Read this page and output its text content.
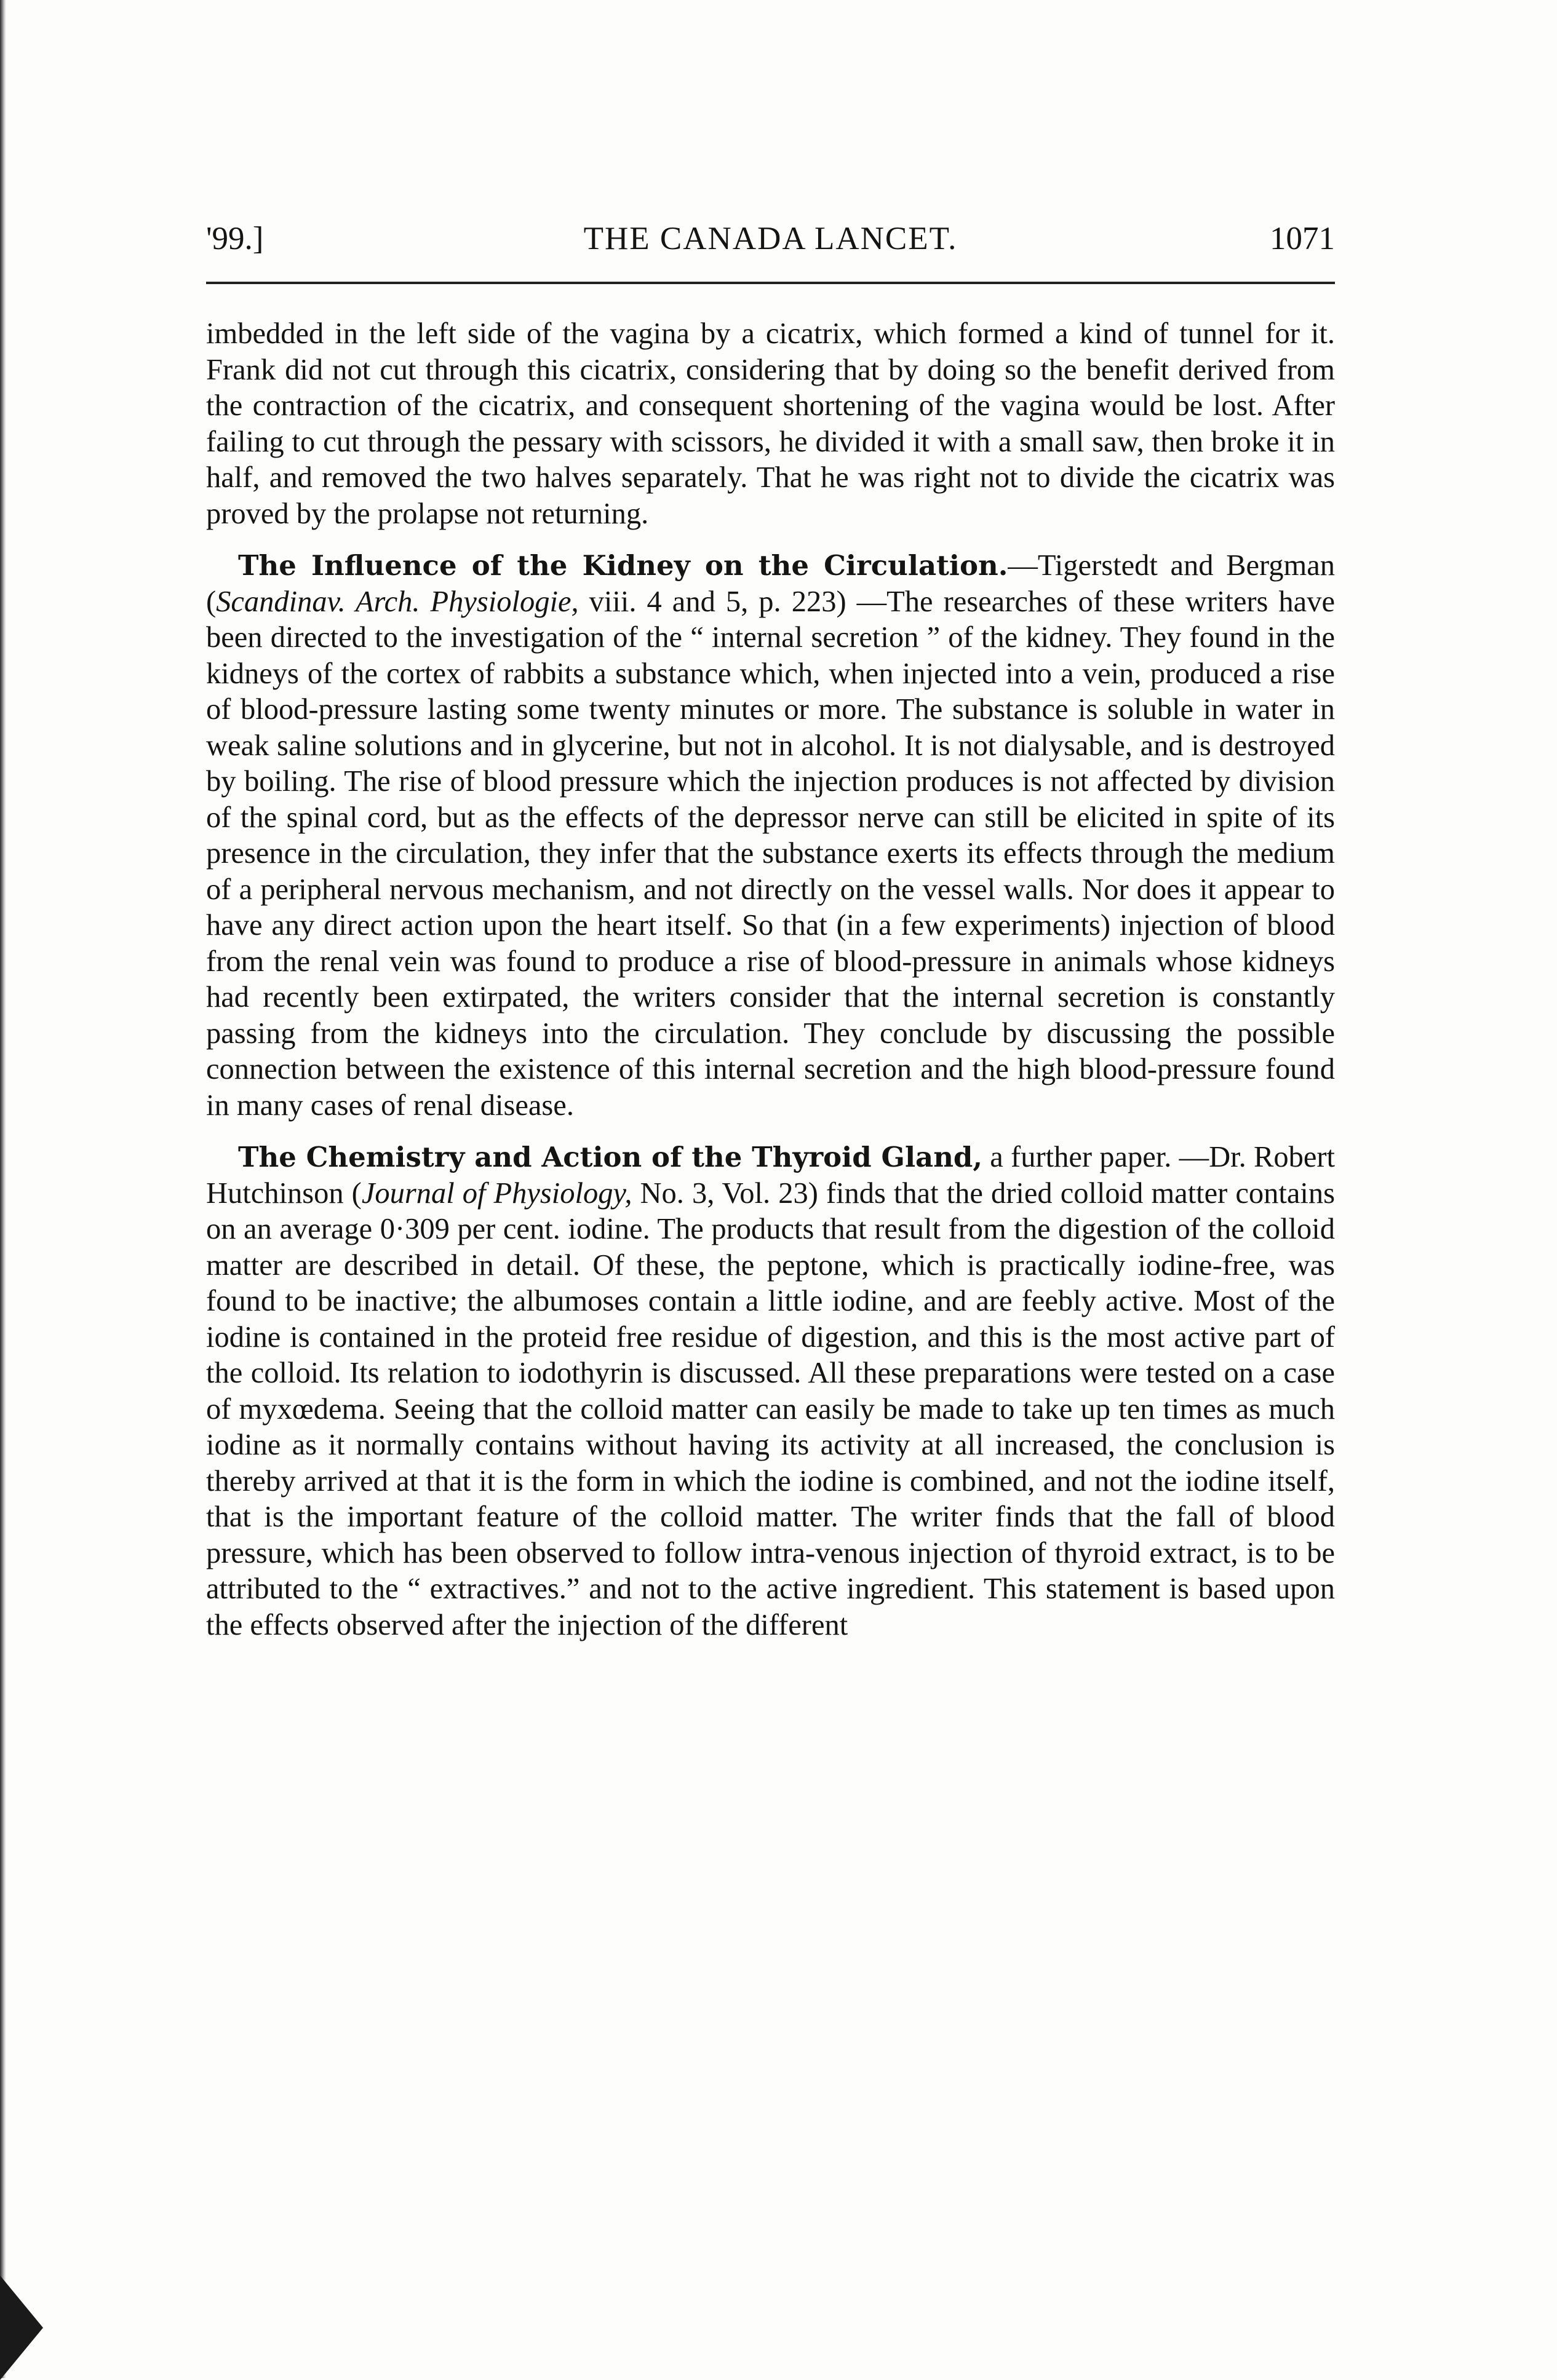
'99.]	THE CANADA LANCET.	1071

imbedded in the left side of the vagina by a cicatrix, which formed a kind of tunnel for it. Frank did not cut through this cicatrix, considering that by doing so the benefit derived from the contraction of the cicatrix, and consequent shortening of the vagina would be lost. After failing to cut through the pessary with scissors, he divided it with a small saw, then broke it in half, and removed the two halves separately. That he was right not to divide the cicatrix was proved by the prolapse not returning.

The Influence of the Kidney on the Circulation.—Tigerstedt and Bergman (Scandinav. Arch. Physiologie, viii. 4 and 5, p. 223) —The researches of these writers have been directed to the investigation of the “ internal secretion ” of the kidney. They found in the kidneys of the cortex of rabbits a substance which, when injected into a vein, produced a rise of blood-pressure lasting some twenty minutes or more. The substance is soluble in water in weak saline solutions and in glycerine, but not in alcohol. It is not dialysable, and is destroyed by boiling. The rise of blood pressure which the injection produces is not affected by division of the spinal cord, but as the effects of the depressor nerve can still be elicited in spite of its presence in the circulation, they infer that the substance exerts its effects through the medium of a peripheral nervous mechanism, and not directly on the vessel walls. Nor does it appear to have any direct action upon the heart itself. So that (in a few experiments) injection of blood from the renal vein was found to produce a rise of blood-pressure in animals whose kidneys had recently been extirpated, the writers consider that the internal secretion is constantly passing from the kidneys into the circulation. They conclude by discussing the possible connection between the existence of this internal secretion and the high blood-pressure found in many cases of renal disease.

The Chemistry and Action of the Thyroid Gland, a further paper. —Dr. Robert Hutchinson (Journal of Physiology, No. 3, Vol. 23) finds that the dried colloid matter contains on an average 0·309 per cent. iodine. The products that result from the digestion of the colloid matter are described in detail. Of these, the peptone, which is practically iodine-free, was found to be inactive; the albumoses contain a little iodine, and are feebly active. Most of the iodine is contained in the proteid free residue of digestion, and this is the most active part of the colloid. Its relation to iodothyrin is discussed. All these preparations were tested on a case of myxœdema. Seeing that the colloid matter can easily be made to take up ten times as much iodine as it normally contains without having its activity at all increased, the conclusion is thereby arrived at that it is the form in which the iodine is combined, and not the iodine itself, that is the important feature of the colloid matter. The writer finds that the fall of blood pressure, which has been observed to follow intra-venous injection of thyroid extract, is to be attributed to the “ extractives.” and not to the active ingredient. This statement is based upon the effects observed after the injection of the different
